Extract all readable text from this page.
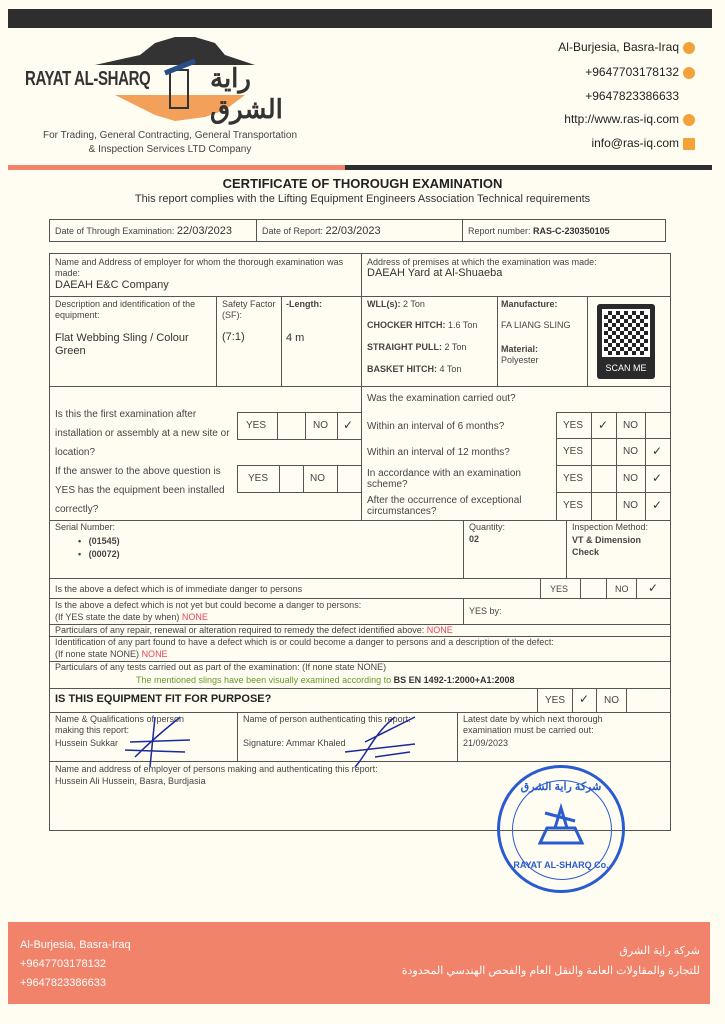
RAYAT AL-SHARQ راية الشرق
For Trading, General Contracting, General Transportation
& Inspection Services LTD Company
Al-Burjesia, Basra-Iraq
+9647703178132
+9647823386633
http://www.ras-iq.com
info@ras-iq.com
CERTIFICATE OF THOROUGH EXAMINATION
This report complies with the Lifting Equipment Engineers Association Technical requirements
Date of Through Examination: 22/03/2023	Date of Report: 22/03/2023	Report number: RAS-C-230350105
Name and Address of employer for whom the thorough examination was made:
DAEAH E&C Company
Address of premises at which the examination was made:
DAEAH Yard at Al-Shuaeba
Description and identification of the equipment:
Flat Webbing Sling / Colour Green
Safety Factor (SF):
(7:1)
-Length:
4 m
WLL(s): 2 Ton
CHOCKER HITCH: 1.6 Ton
STRAIGHT PULL: 2 Ton
BASKET HITCH: 4 Ton
Manufacture:
FA LIANG SLING
Material:
Polyester
SCAN ME
Is this the first examination after installation or assembly at a new site or location?
YES	NO ✓
If the answer to the above question is YES has the equipment been installed correctly?
YES	NO
Was the examination carried out?
Within an interval of 6 months?	YES ✓ NO
Within an interval of 12 months?	YES	NO ✓
In accordance with an examination scheme?
YES	NO ✓
After the occurrence of exceptional circumstances?
YES	NO ✓
Serial Number:
•   (01545)
•   (00072)
Quantity:
02
Inspection Method:
VT & Dimension Check
Is the above a defect which is of immediate danger to persons	YES	NO ✓
Is the above a defect which is not yet but could become a danger to persons:
(If YES state the date by when) NONE
YES by:
Particulars of any repair, renewal or alteration required to remedy the defect identified above: NONE
Identification of any part found to have a defect which is or could become a danger to persons and a description of the defect:
(If none state NONE) NONE
Particulars of any tests carried out as part of the examination: (If none state NONE)
The mentioned slings have been visually examined according to BS EN 1492-1:2000+A1:2008
IS THIS EQUIPMENT FIT FOR PURPOSE?	YES ✓ NO
Name & Qualifications of person making this report:
Hussein Sukkar
Name of person authenticating this report:
Signature: Ammar Khaled
Latest date by which next thorough examination must be carried out:
21/09/2023
Name and address of employer of persons making and authenticating this report:
Hussein Ali Hussein, Basra, Burdjasia	شركة راية الشرق
RAYAT AL-SHARQ Co.
Al-Burjesia, Basra-Iraq
+9647703178132
+9647823386633
شركة راية الشرق
للتجارة والمقاولات العامة والنقل العام والفحص الهندسي المحدودة
